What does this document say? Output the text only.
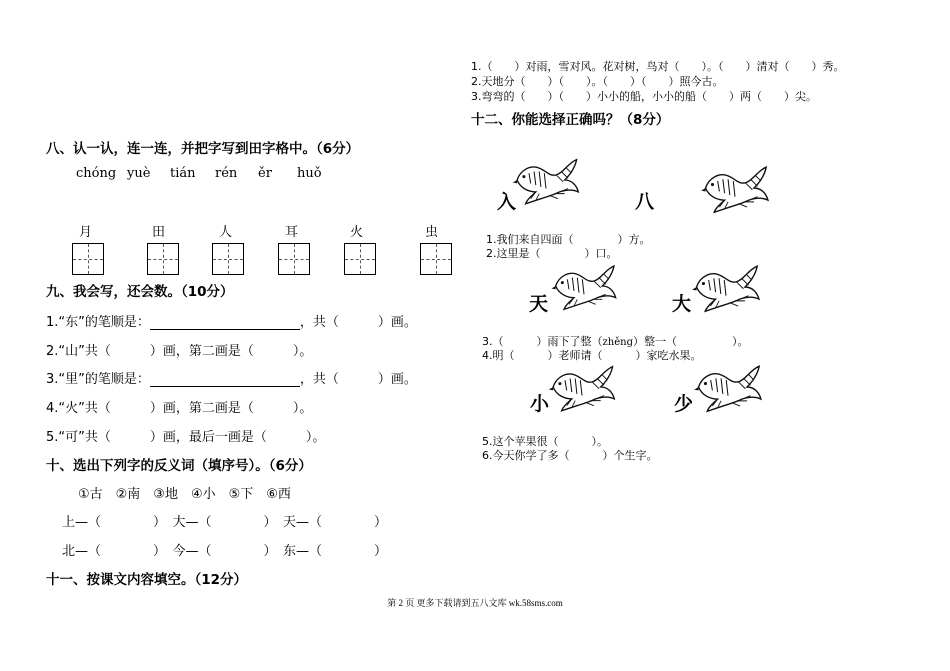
1.（　　）对雨，雪对风。花对树，鸟对（　　）。（　　）清对（　　）秀。
2.天地分（　　）（　　）。（　　）（　　）照今古。
3.弯弯的（　　）（　　）小小的船，小小的船（　　）两（　　）尖。
八、认一认，连一连，并把字写到田字格中。（6分）
chóng yuè tián rén ěr huǒ
月	田	人	耳	火	虫
九、我会写，还会数。（10分）
1.“东”的笔顺是：	，共（　　　）画。
2.“山”共（　　　）画，第二画是（　　　）。
3.“里”的笔顺是：	，共（　　　）画。
4.“火”共（　　　）画，第二画是（　　　）。
5.“可”共（　　　）画，最后一画是（　　　）。
十、选出下列字的反义词（填序号）。（6分）
①古　②南　③地　④小　⑤下　⑥西
上—（　　　　）　大—（　　　　）　天—（　　　　）
北—（　　　　）　今—（　　　　）　东—（　　　　）
十一、按课文内容填空。（12分）
十二、你能选择正确吗？（8分）
入	八
1.我们来自四面（　　　　）方。
2.这里是（　　　　）口。
天	大
3.（　　　）雨下了整（zhěng）整一（　　　　　）。
4.明（　　　）老师请（　　　）家吃水果。
小	少
5.这个苹果很（　　　）。
6.今天你学了多（　　　）个生字。
第 2 页 更多下载请到五八文库 wk.58sms.com
